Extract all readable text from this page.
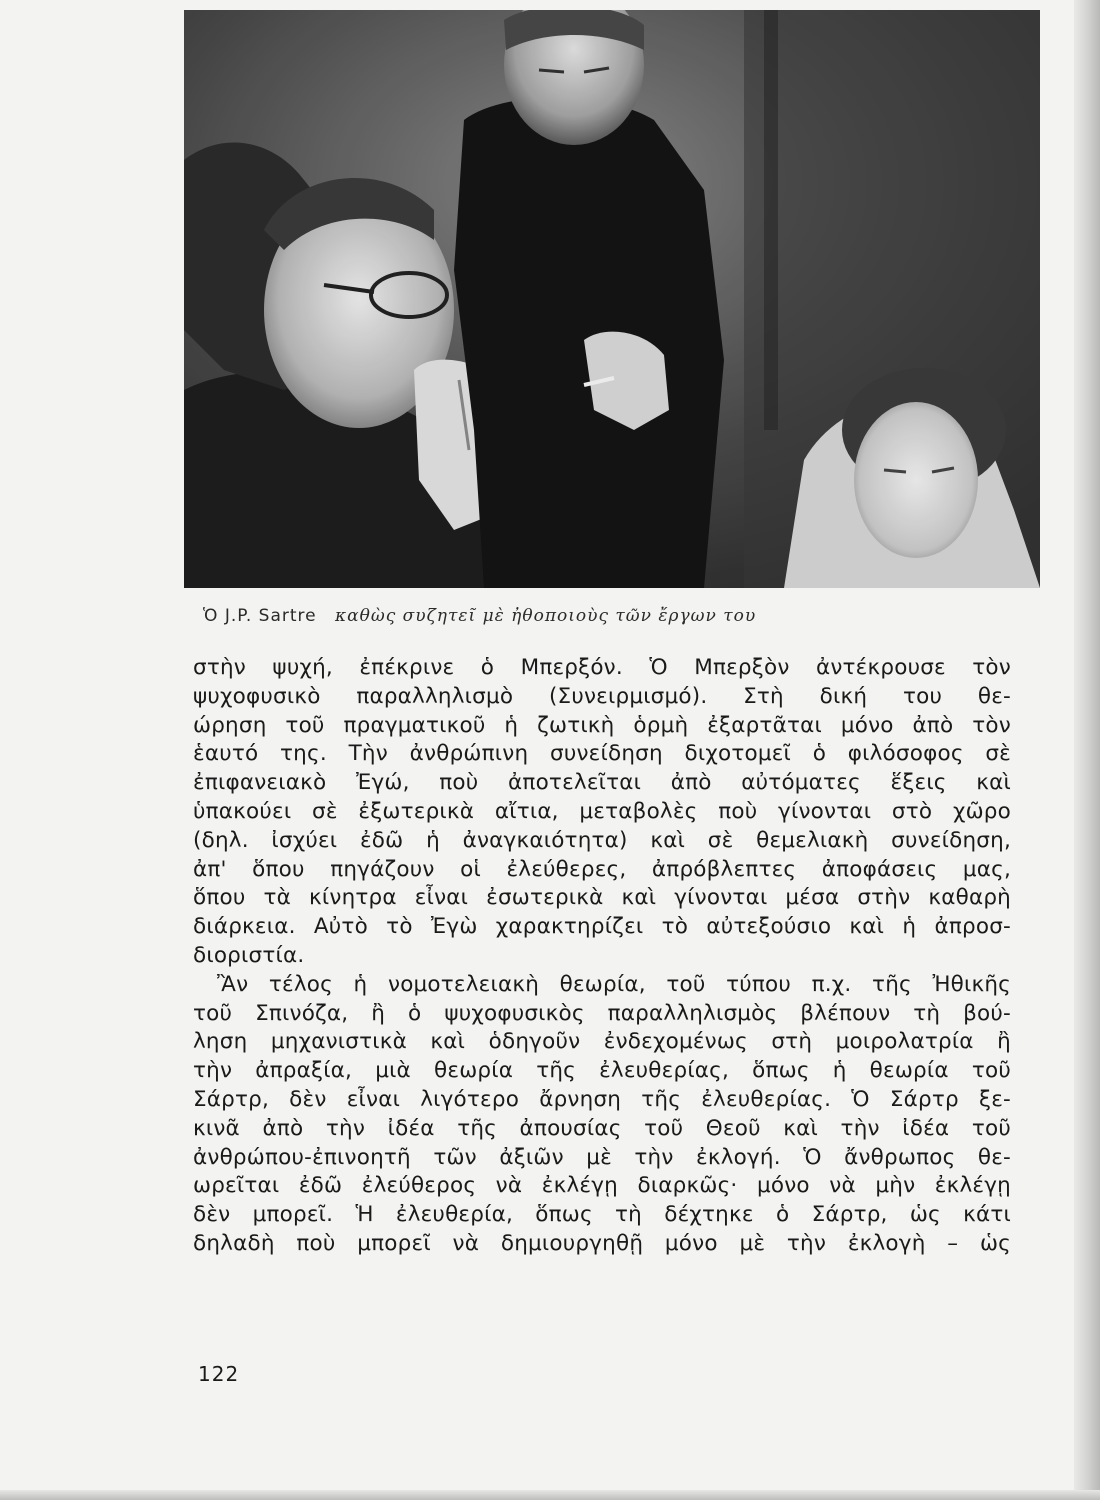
Ὁ J.P. Sartre καθὼς συζητεῖ μὲ ἠθοποιοὺς τῶν ἔργων του
στὴν ψυχή, ἐπέκρινε ὁ Μπερξόν. Ὁ Μπερξὸν ἀντέκρουσε τὸν
ψυχοφυσικὸ παραλληλισμὸ (Συνειρμισμό). Στὴ δική του θε-
ώρηση τοῦ πραγματικοῦ ἡ ζωτικὴ ὁρμὴ ἐξαρτᾶται μόνο ἀπὸ τὸν
ἑαυτό της. Τὴν ἀνθρώπινη συνείδηση διχοτομεῖ ὁ φιλόσοφος σὲ
ἐπιφανειακὸ Ἐγώ, ποὺ ἀποτελεῖται ἀπὸ αὐτόματες ἕξεις καὶ
ὑπακούει σὲ ἐξωτερικὰ αἴτια, μεταβολὲς ποὺ γίνονται στὸ χῶρο
(δηλ. ἰσχύει ἐδῶ ἡ ἀναγκαιότητα) καὶ σὲ θεμελιακὴ συνείδηση,
ἀπ' ὅπου πηγάζουν οἱ ἐλεύθερες, ἀπρόβλεπτες ἀποφάσεις μας,
ὅπου τὰ κίνητρα εἶναι ἐσωτερικὰ καὶ γίνονται μέσα στὴν καθαρὴ
διάρκεια. Αὐτὸ τὸ Ἐγὼ χαρακτηρίζει τὸ αὐτεξούσιο καὶ ἡ ἀπροσ-
διοριστία.
Ἂν τέλος ἡ νομοτελειακὴ θεωρία, τοῦ τύπου π.χ. τῆς Ἠθικῆς
τοῦ Σπινόζα, ἢ ὁ ψυχοφυσικὸς παραλληλισμὸς βλέπουν τὴ βού-
ληση μηχανιστικὰ καὶ ὁδηγοῦν ἐνδεχομένως στὴ μοιρολατρία ἢ
τὴν ἀπραξία, μιὰ θεωρία τῆς ἐλευθερίας, ὅπως ἡ θεωρία τοῦ
Σάρτρ, δὲν εἶναι λιγότερο ἄρνηση τῆς ἐλευθερίας. Ὁ Σάρτρ ξε-
κινᾶ ἀπὸ τὴν ἰδέα τῆς ἀπουσίας τοῦ Θεοῦ καὶ τὴν ἰδέα τοῦ
ἀνθρώπου-ἐπινοητῆ τῶν ἀξιῶν μὲ τὴν ἐκλογή. Ὁ ἄνθρωπος θε-
ωρεῖται ἐδῶ ἐλεύθερος νὰ ἐκλέγῃ διαρκῶς· μόνο νὰ μὴν ἐκλέγῃ
δὲν μπορεῖ. Ἡ ἐλευθερία, ὅπως τὴ δέχτηκε ὁ Σάρτρ, ὡς κάτι
δηλαδὴ ποὺ μπορεῖ νὰ δημιουργηθῇ μόνο μὲ τὴν ἐκλογὴ – ὡς
122
